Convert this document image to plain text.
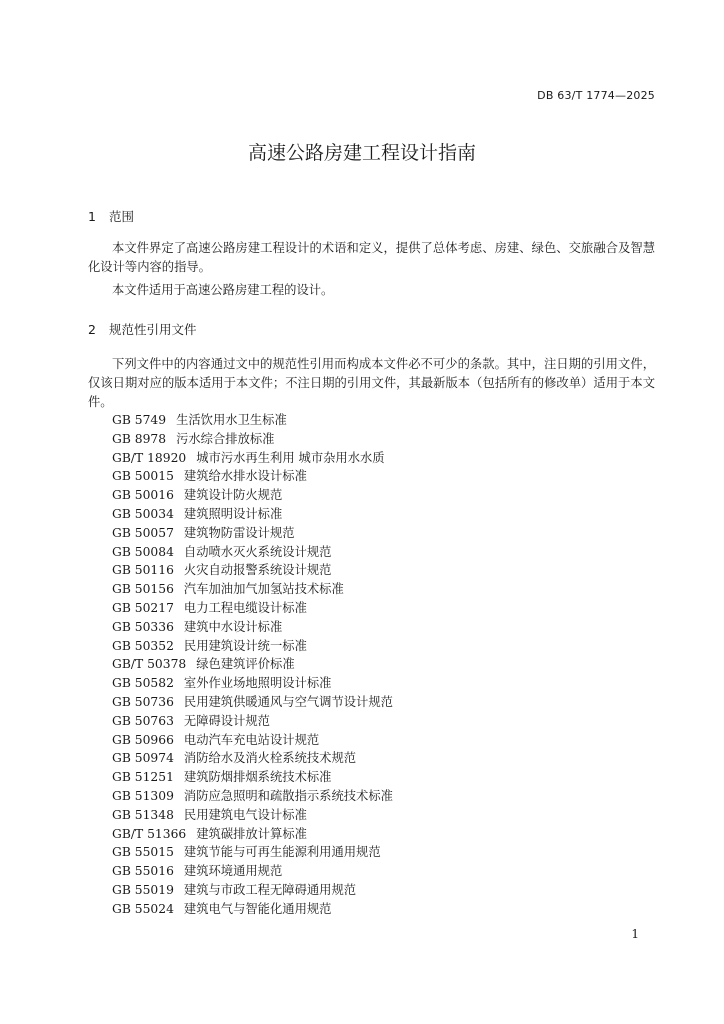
DB 63/T 1774—2025
高速公路房建工程设计指南
1 范围
本文件界定了高速公路房建工程设计的术语和定义，提供了总体考虑、房建、绿色、交旅融合及智慧化设计等内容的指导。
本文件适用于高速公路房建工程的设计。
2 规范性引用文件
下列文件中的内容通过文中的规范性引用而构成本文件必不可少的条款。其中，注日期的引用文件，仅该日期对应的版本适用于本文件；不注日期的引用文件，其最新版本（包括所有的修改单）适用于本文件。
GB 5749 生活饮用水卫生标准
GB 8978 污水综合排放标准
GB/T 18920 城市污水再生利用 城市杂用水水质
GB 50015 建筑给水排水设计标准
GB 50016 建筑设计防火规范
GB 50034 建筑照明设计标准
GB 50057 建筑物防雷设计规范
GB 50084 自动喷水灭火系统设计规范
GB 50116 火灾自动报警系统设计规范
GB 50156 汽车加油加气加氢站技术标准
GB 50217 电力工程电缆设计标准
GB 50336 建筑中水设计标准
GB 50352 民用建筑设计统一标准
GB/T 50378 绿色建筑评价标准
GB 50582 室外作业场地照明设计标准
GB 50736 民用建筑供暖通风与空气调节设计规范
GB 50763 无障碍设计规范
GB 50966 电动汽车充电站设计规范
GB 50974 消防给水及消火栓系统技术规范
GB 51251 建筑防烟排烟系统技术标准
GB 51309 消防应急照明和疏散指示系统技术标准
GB 51348 民用建筑电气设计标准
GB/T 51366 建筑碳排放计算标准
GB 55015 建筑节能与可再生能源利用通用规范
GB 55016 建筑环境通用规范
GB 55019 建筑与市政工程无障碍通用规范
GB 55024 建筑电气与智能化通用规范
1
